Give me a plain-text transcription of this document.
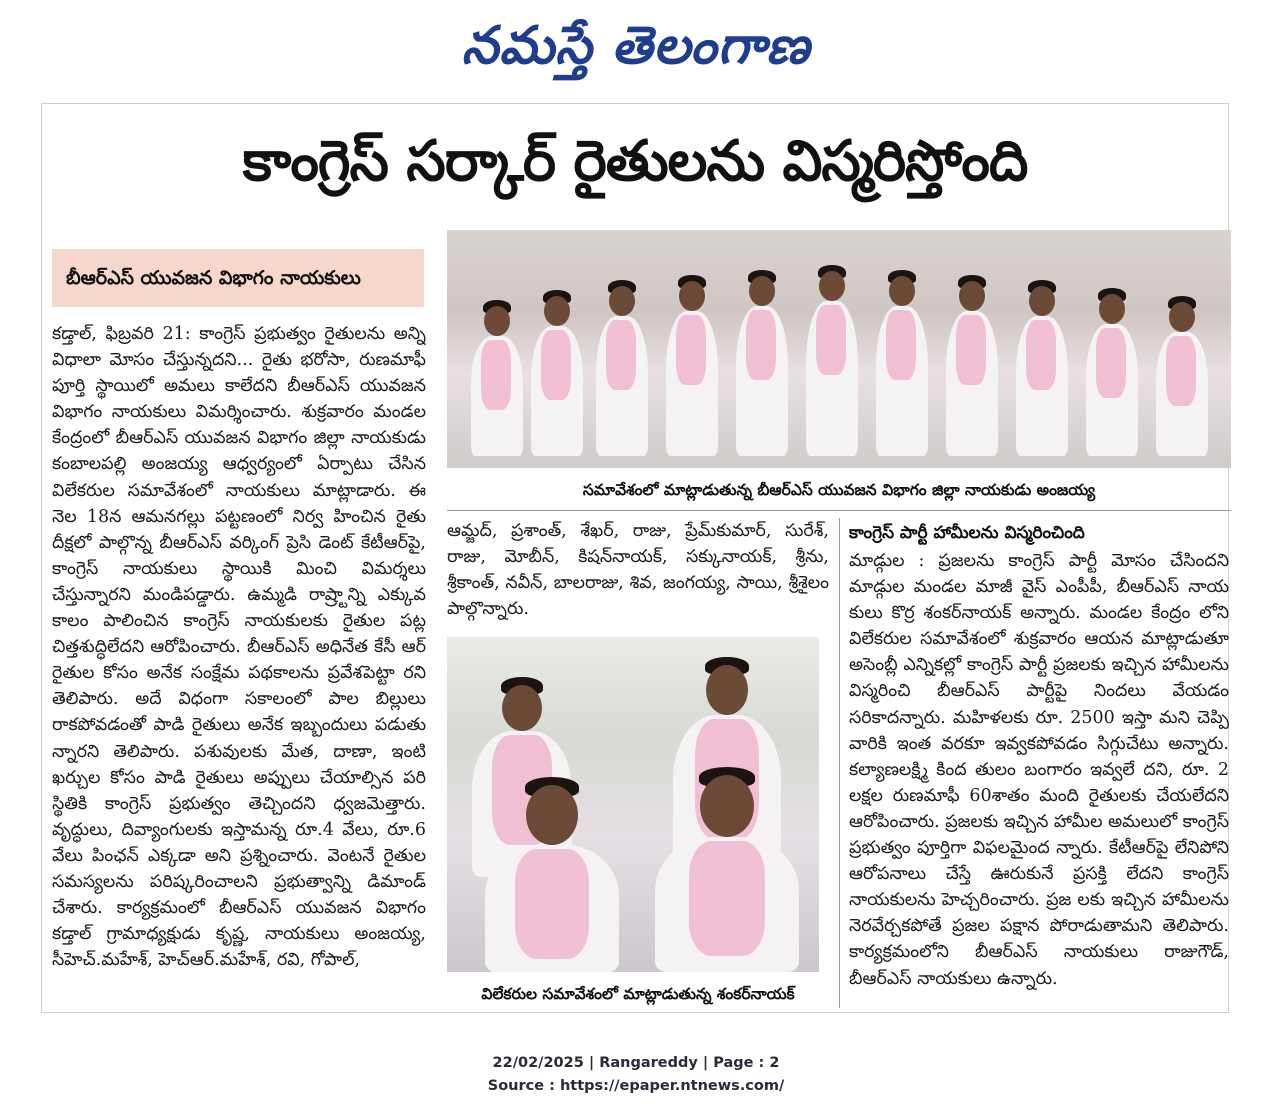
నమస్తే తెలంగాణ
కాంగ్రెస్ సర్కార్ రైతులను విస్మరిస్తోంది
బీఆర్ఎస్ యువజన విభాగం నాయకులు
కడ్తాల్, ఫిబ్రవరి 21: కాంగ్రెస్ ప్రభుత్వం రైతులను అన్ని విధాలా మోసం చేస్తున్నదని... రైతు భరోసా, రుణమాఫీ పూర్తి స్థాయిలో అమలు కాలేదని బీఆర్ఎస్ యువజన విభాగం నాయకులు విమర్శించారు. శుక్రవారం మండల కేంద్రంలో బీఆర్ఎస్ యువజన విభాగం జిల్లా నాయకుడు కంబాలపల్లి అంజయ్య ఆధ్వర్యంలో ఏర్పాటు చేసిన విలేకరుల సమావేశంలో నాయకులు మాట్లాడారు. ఈ నెల 18న ఆమనగల్లు పట్టణంలో నిర్వ హించిన రైతు దీక్షలో పాల్గొన్న బీఆర్ఎస్ వర్కింగ్ ప్రెసి డెంట్ కేటీఆర్‌పై, కాంగ్రెస్ నాయకులు స్థాయికి మించి విమర్శలు చేస్తున్నారని మండిపడ్డారు. ఉమ్మడి రాష్ర్టాన్ని ఎక్కువ కాలం పాలించిన కాంగ్రెస్ నాయకులకు రైతుల పట్ల చిత్తశుద్ధిలేదని ఆరోపించారు. బీఆర్ఎస్ అధినేత కేసీ ఆర్ రైతుల కోసం అనేక సంక్షేమ పథకాలను ప్రవేశపెట్టా రని తెలిపారు. అదే విధంగా సకాలంలో పాల బిల్లులు రాకపోవడంతో పాడి రైతులు అనేక ఇబ్బందులు పడుతు న్నారని తెలిపారు. పశువులకు మేత, దాణా, ఇంటి ఖర్చుల కోసం పాడి రైతులు అప్పులు చేయాల్సిన పరి స్థితికి కాంగ్రెస్ ప్రభుత్వం తెచ్చిందని ధ్వజమెత్తారు. వృద్ధులు, దివ్యాంగులకు ఇస్తామన్న రూ.4 వేలు, రూ.6 వేలు పింఛన్ ఎక్కడా అని ప్రశ్నించారు. వెంటనే రైతుల సమస్యలను పరిష్కరించాలని ప్రభుత్వాన్ని డిమాండ్ చేశారు. కార్యక్రమంలో బీఆర్ఎస్ యువజన విభాగం కడ్తాల్ గ్రామాధ్యక్షుడు కృష్ణ, నాయకులు అంజయ్య, సీహెచ్.మహేశ్, హెచ్ఆర్.మహేశ్, రవి, గోపాల్,
సమావేశంలో మాట్లాడుతున్న బీఆర్ఎస్ యువజన విభాగం జిల్లా నాయకుడు అంజయ్య
ఆమ్జద్, ప్రశాంత్, శేఖర్, రాజు, ప్రేమ్‌కుమార్, సురేశ్, రాజు, మోబీన్, కిషన్‌నాయక్, సక్కునాయక్, శ్రీను, శ్రీకాంత్, నవీన్, బాలరాజు, శివ, జంగయ్య, సాయి, శ్రీశైలం పాల్గొన్నారు.
విలేకరుల సమావేశంలో మాట్లాడుతున్న శంకర్‌నాయక్
కాంగ్రెస్ పార్టీ హామీలను విస్మరించింది
మాడ్గుల : ప్రజలను కాంగ్రెస్ పార్టీ మోసం చేసిందని మాడ్గుల మండల మాజీ వైస్ ఎంపీపీ, బీఆర్ఎస్ నాయ కులు కొర్ర శంకర్‌నాయక్ అన్నారు. మండల కేంద్రం లోని విలేకరుల సమావేశంలో శుక్రవారం ఆయన మాట్లాడుతూ అసెంబ్లీ ఎన్నికల్లో కాంగ్రెస్ పార్టీ ప్రజలకు ఇచ్చిన హామీలను విస్మరించి బీఆర్ఎస్ పార్టీపై నిందలు వేయడం సరికాదన్నారు. మహిళలకు రూ. 2500 ఇస్తా మని చెప్పి వారికి ఇంత వరకూ ఇవ్వకపోవడం సిగ్గుచేటు అన్నారు. కల్యాణలక్ష్మి కింద తులం బంగారం ఇవ్వలే దని, రూ. 2 లక్షల రుణమాఫీ 60శాతం మంది రైతులకు చేయలేదని ఆరోపించారు. ప్రజలకు ఇచ్చిన హామీల అమలులో కాంగ్రెస్ ప్రభుత్వం పూర్తిగా విఫలమైంద న్నారు. కేటీఆర్‌పై లేనిపోని ఆరోపనాలు చేస్తే ఊరుకునే ప్రసక్తి లేదని కాంగ్రెస్ నాయకులను హెచ్చరించారు. ప్రజ లకు ఇచ్చిన హామీలను నెరవేర్చకపోతే ప్రజల పక్షాన పోరాడుతామని తెలిపారు. కార్యక్రమంలోని బీఆర్ఎస్ నాయకులు రాజుగౌడ్, బీఆర్ఎస్ నాయకులు ఉన్నారు.
22/02/2025 | Rangareddy | Page : 2
Source : https://epaper.ntnews.com/
